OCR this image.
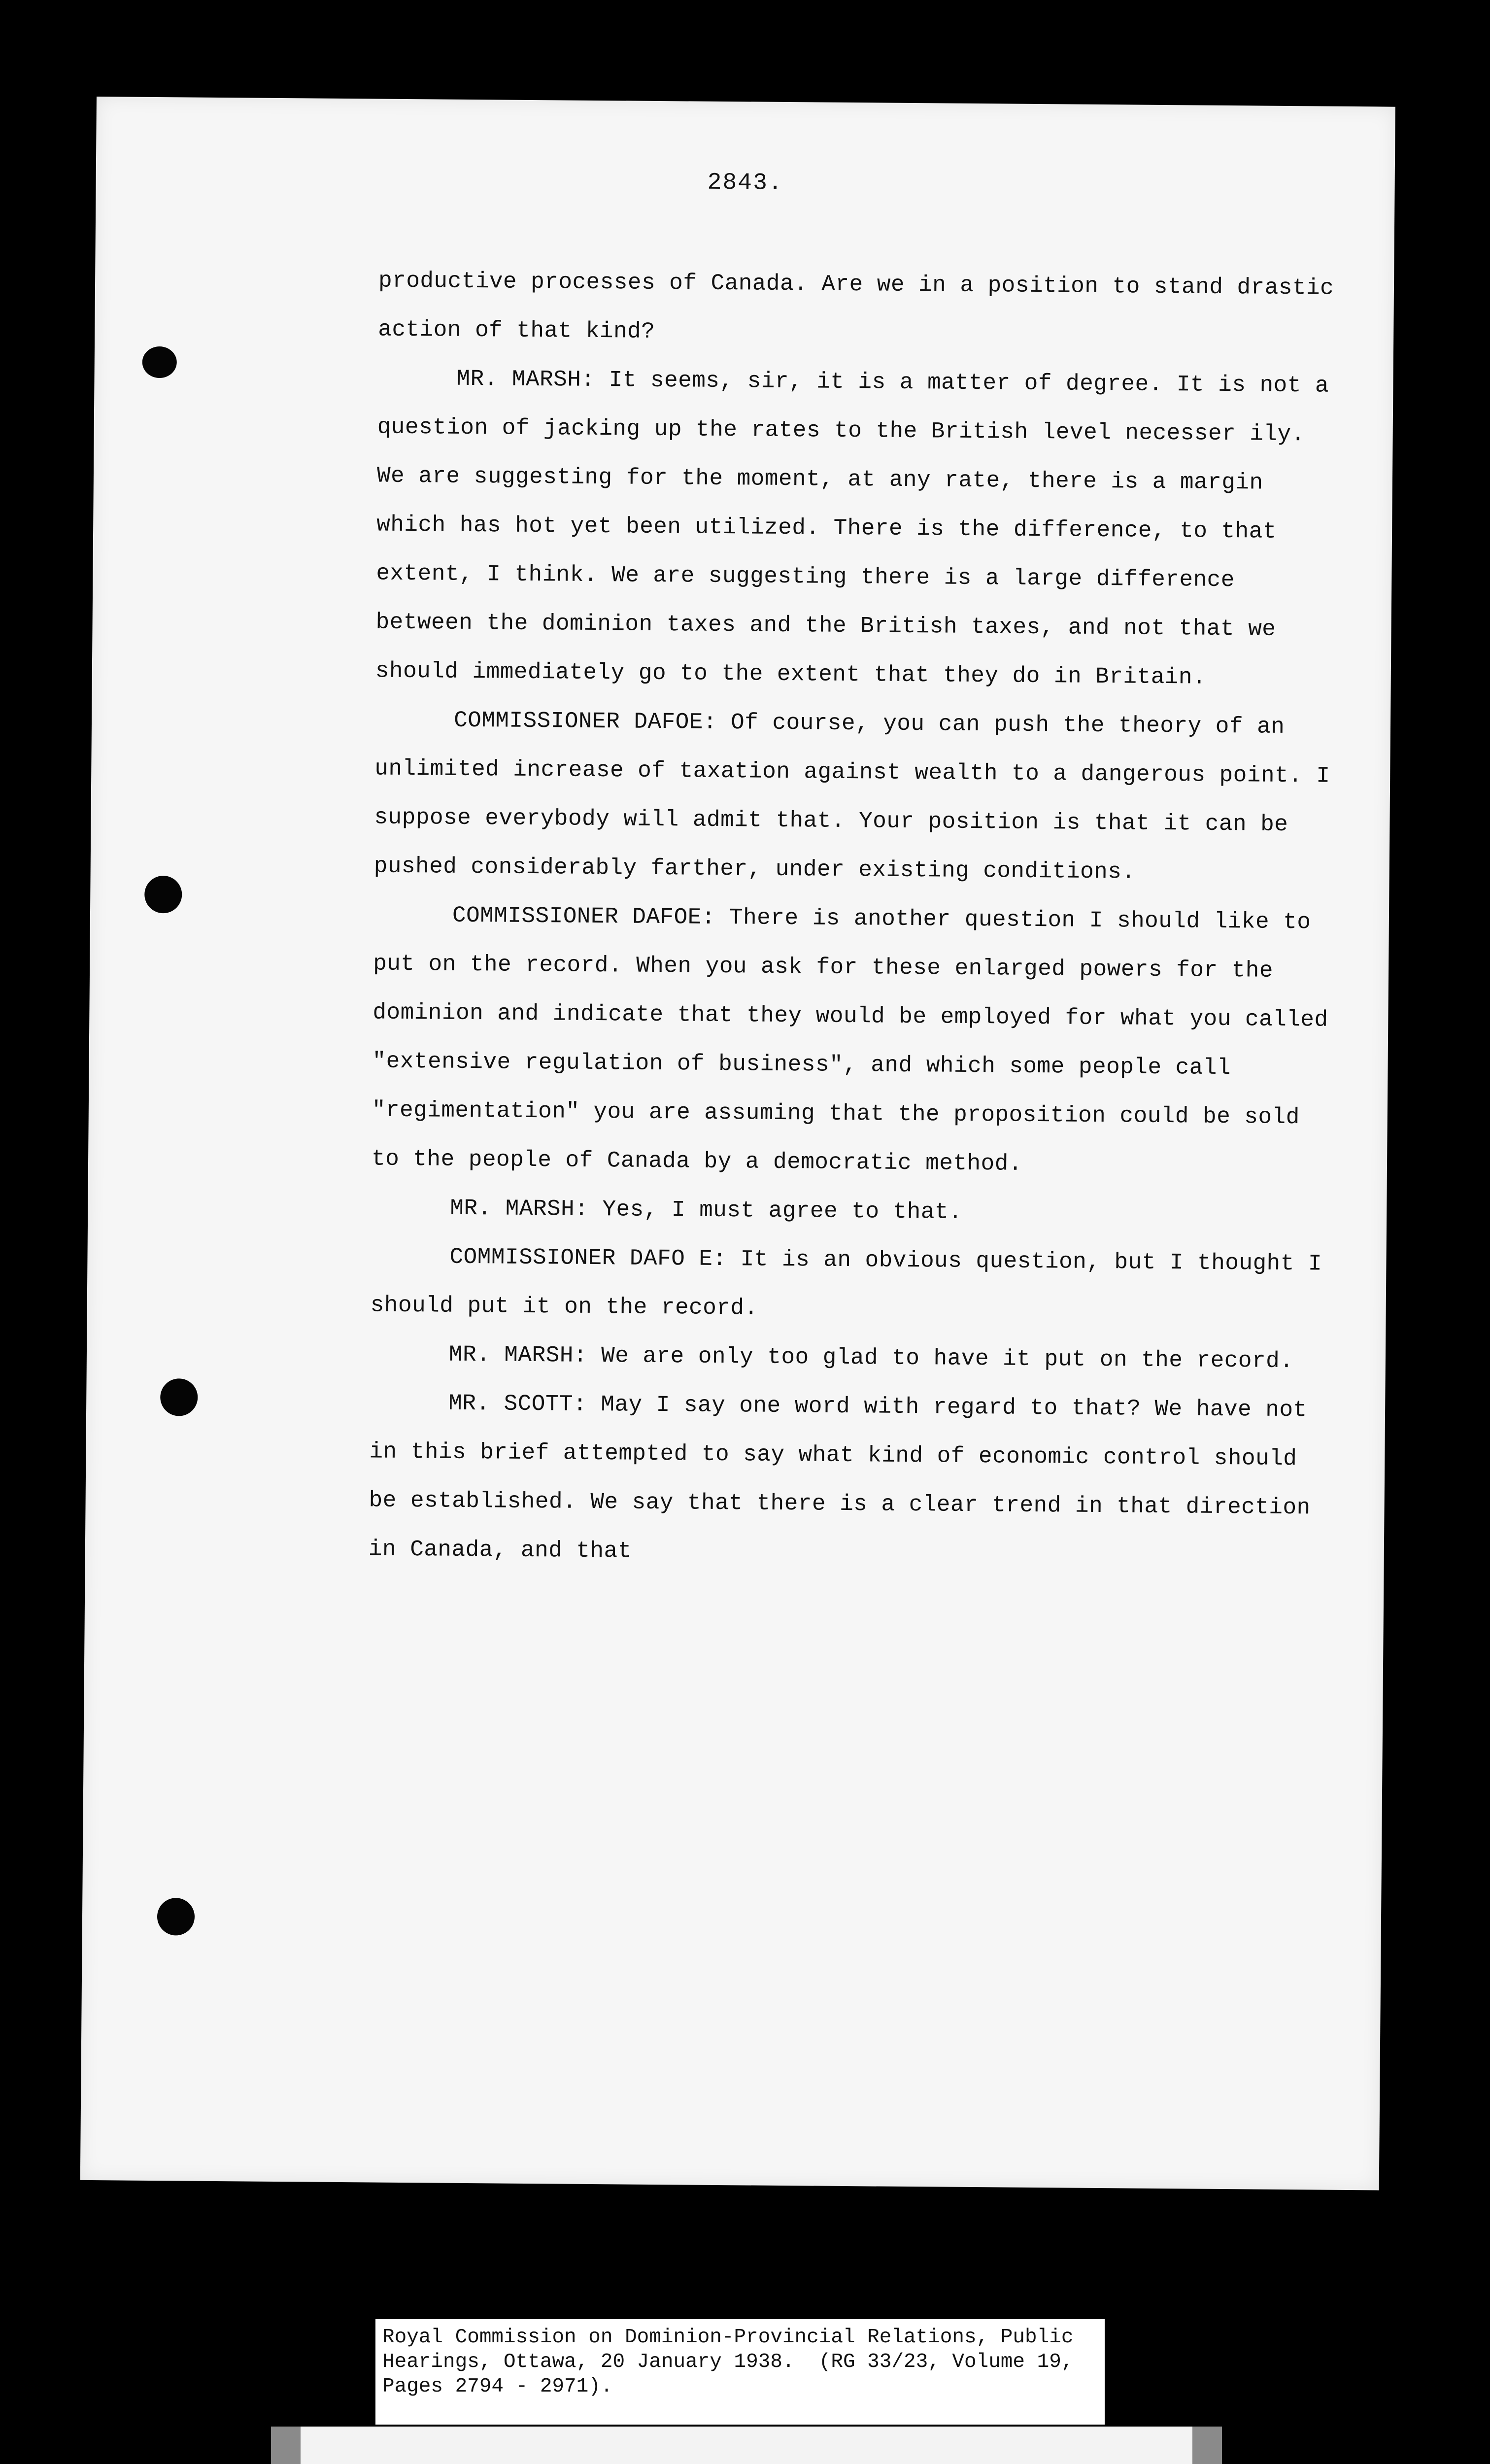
2843.

productive processes of Canada. Are we in a position to stand drastic action of that kind?

MR. MARSH: It seems, sir, it is a matter of degree. It is not a question of jacking up the rates to the British level necesser ily. We are suggesting for the moment, at any rate, there is a margin which has hot yet been utilized. There is the difference, to that extent, I think. We are suggesting there is a large difference between the dominion taxes and the British taxes, and not that we should immediately go to the extent that they do in Britain.

COMMISSIONER DAFOE: Of course, you can push the theory of an unlimited increase of taxation against wealth to a dangerous point. I suppose everybody will admit that. Your position is that it can be pushed considerably farther, under existing conditions.

COMMISSIONER DAFOE: There is another question I should like to put on the record. When you ask for these enlarged powers for the dominion and indicate that they would be employed for what you called "extensive regulation of business", and which some people call "regimentation" you are assuming that the proposition could be sold to the people of Canada by a democratic method.

MR. MARSH: Yes, I must agree to that.

COMMISSIONER DAFO E: It is an obvious question, but I thought I should put it on the record.

MR. MARSH: We are only too glad to have it put on the record.

MR. SCOTT: May I say one word with regard to that? We have not in this brief attempted to say what kind of economic control should be established. We say that there is a clear trend in that direction in Canada, and that

Royal Commission on Dominion-Provincial Relations, Public
Hearings, Ottawa, 20 January 1938.  (RG 33/23, Volume 19,
Pages 2794 - 2971).
